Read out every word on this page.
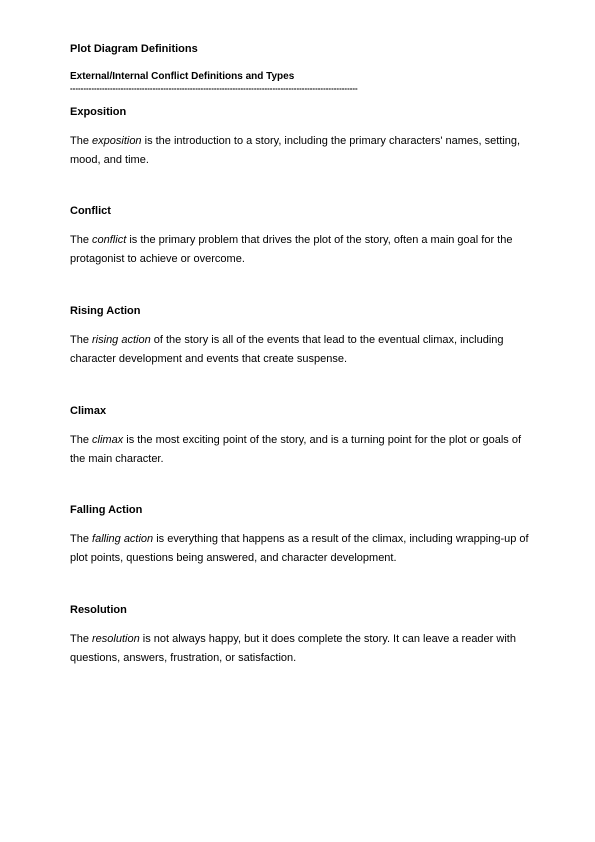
Plot Diagram Definitions
External/Internal Conflict Definitions and Types
------------------------------------------------------------------------------------------------------------
Exposition

The exposition is the introduction to a story, including the primary characters' names, setting, mood, and time.

Conflict

The conflict is the primary problem that drives the plot of the story, often a main goal for the protagonist to achieve or overcome.

Rising Action

The rising action of the story is all of the events that lead to the eventual climax, including character development and events that create suspense.

Climax

The climax is the most exciting point of the story, and is a turning point for the plot or goals of the main character.

Falling Action

The falling action is everything that happens as a result of the climax, including wrapping-up of plot points, questions being answered, and character development.

Resolution

The resolution is not always happy, but it does complete the story. It can leave a reader with questions, answers, frustration, or satisfaction.
